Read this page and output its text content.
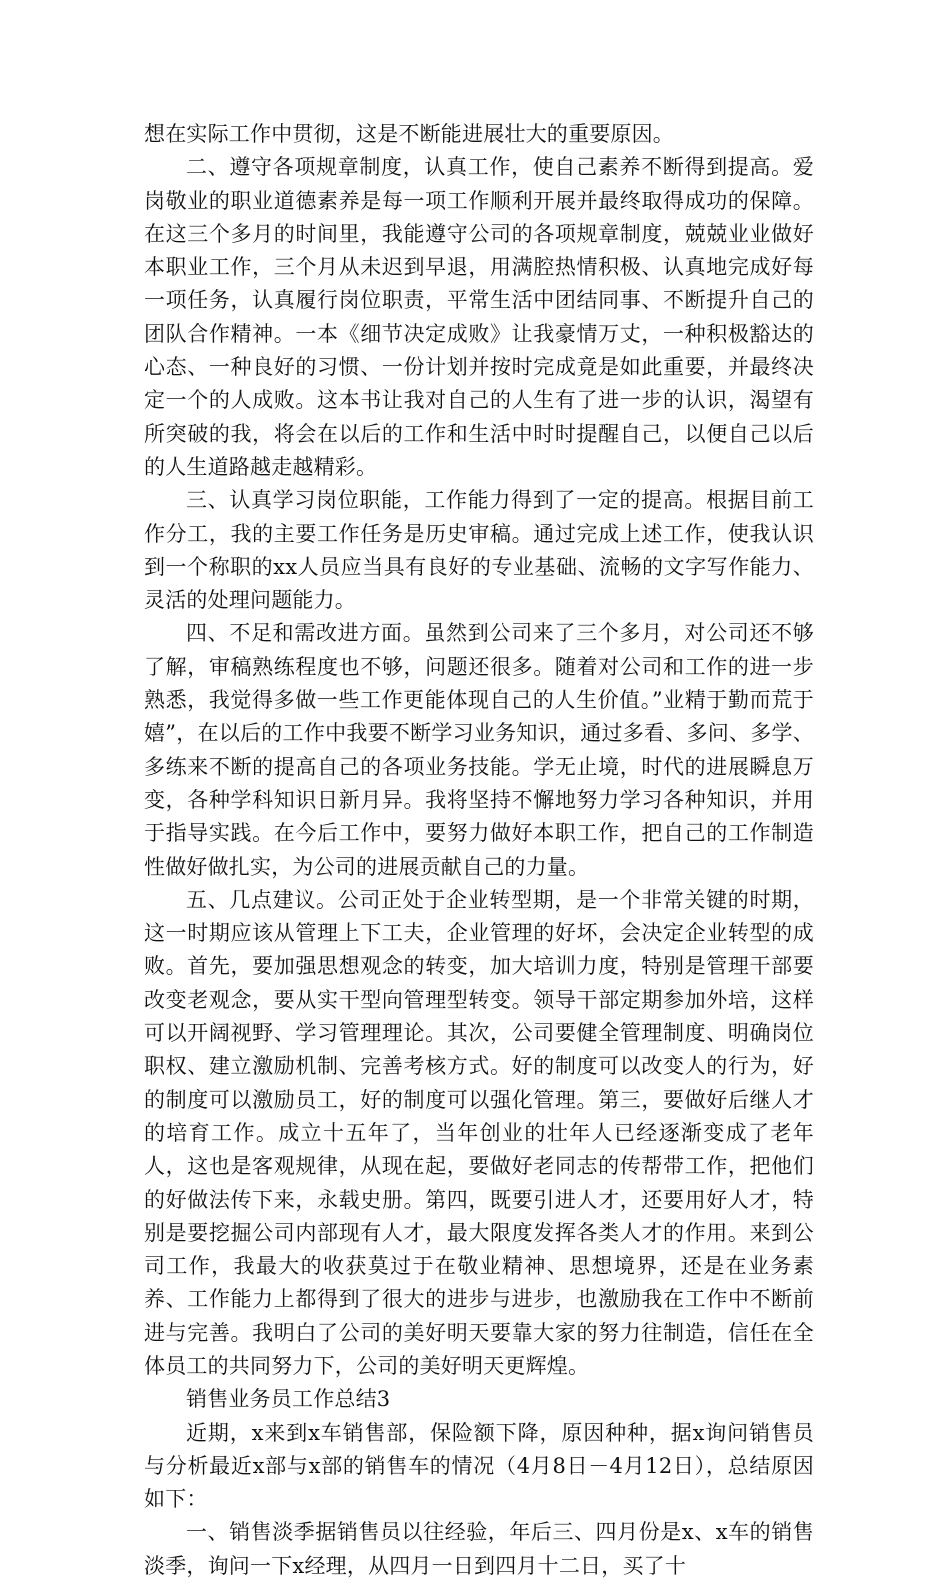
想在实际工作中贯彻，这是不断能进展壮大的重要原因。

二、遵守各项规章制度，认真工作，使自己素养不断得到提高。爱岗敬业的职业道德素养是每一项工作顺利开展并最终取得成功的保障。在这三个多月的时间里，我能遵守公司的各项规章制度，兢兢业业做好本职业工作，三个月从未迟到早退，用满腔热情积极、认真地完成好每一项任务，认真履行岗位职责，平常生活中团结同事、不断提升自己的团队合作精神。一本《细节决定成败》让我豪情万丈，一种积极豁达的心态、一种良好的习惯、一份计划并按时完成竟是如此重要，并最终决定一个的人成败。这本书让我对自己的人生有了进一步的认识，渴望有所突破的我，将会在以后的工作和生活中时时提醒自己，以便自己以后的人生道路越走越精彩。

三、认真学习岗位职能，工作能力得到了一定的提高。根据目前工作分工，我的主要工作任务是历史审稿。通过完成上述工作，使我认识到一个称职的xx人员应当具有良好的专业基础、流畅的文字写作能力、灵活的处理问题能力。

四、不足和需改进方面。虽然到公司来了三个多月，对公司还不够了解，审稿熟练程度也不够，问题还很多。随着对公司和工作的进一步熟悉，我觉得多做一些工作更能体现自己的人生价值。”业精于勤而荒于嬉”，在以后的工作中我要不断学习业务知识，通过多看、多问、多学、多练来不断的提高自己的各项业务技能。学无止境，时代的进展瞬息万变，各种学科知识日新月异。我将坚持不懈地努力学习各种知识，并用于指导实践。在今后工作中，要努力做好本职工作，把自己的工作制造性做好做扎实，为公司的进展贡献自己的力量。

五、几点建议。公司正处于企业转型期，是一个非常关键的时期，这一时期应该从管理上下工夫，企业管理的好坏，会决定企业转型的成败。首先，要加强思想观念的转变，加大培训力度，特别是管理干部要改变老观念，要从实干型向管理型转变。领导干部定期参加外培，这样可以开阔视野、学习管理理论。其次，公司要健全管理制度、明确岗位职权、建立激励机制、完善考核方式。好的制度可以改变人的行为，好的制度可以激励员工，好的制度可以强化管理。第三，要做好后继人才的培育工作。成立十五年了，当年创业的壮年人已经逐渐变成了老年人，这也是客观规律，从现在起，要做好老同志的传帮带工作，把他们的好做法传下来，永载史册。第四，既要引进人才，还要用好人才，特别是要挖掘公司内部现有人才，最大限度发挥各类人才的作用。来到公司工作，我最大的收获莫过于在敬业精神、思想境界，还是在业务素养、工作能力上都得到了很大的进步与进步，也激励我在工作中不断前进与完善。我明白了公司的美好明天要靠大家的努力往制造，信任在全体员工的共同努力下，公司的美好明天更辉煌。

销售业务员工作总结3

近期，x来到x车销售部，保险额下降，原因种种，据x询问销售员与分析最近x部与x部的销售车的情况（4月8日－4月12日），总结原因如下：

一、销售淡季据销售员以往经验，年后三、四月份是x、x车的销售淡季，询问一下x经理，从四月一日到四月十二日，买了十
